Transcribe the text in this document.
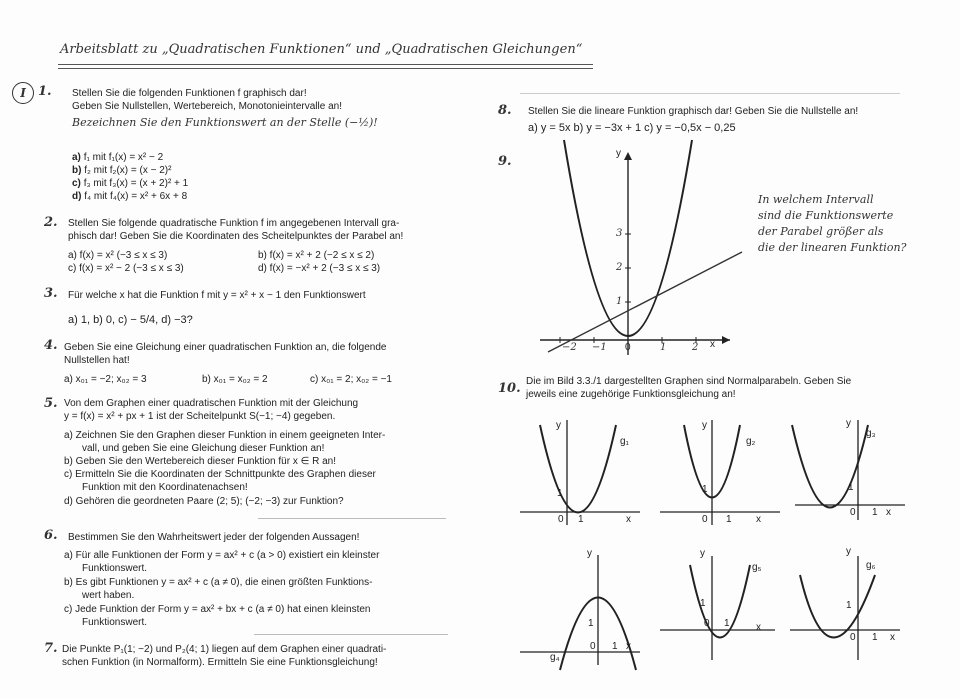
Arbeitsblatt zu „Quadratischen Funktionen“ und „Quadratischen Gleichungen“
I 1. Stellen Sie die folgenden Funktionen f graphisch dar!
Geben Sie Nullstellen, Wertebereich, Monotonieintervalle an!
Bezeichnen Sie den Funktionswert an der Stelle (−½)!
a) f₁ mit f₁(x) = x² − 2
b) f₂ mit f₂(x) = (x − 2)²
c) f₃ mit f₃(x) = (x + 2)² + 1
d) f₄ mit f₄(x) = x² + 6x + 8
2. Stellen Sie folgende quadratische Funktion f im angegebenen Intervall gra-
phisch dar! Geben Sie die Koordinaten des Scheitelpunktes der Parabel an!
a) f(x) = x² (−3 ≤ x ≤ 3)	b) f(x) = x² + 2 (−2 ≤ x ≤ 2)
c) f(x) = x² − 2 (−3 ≤ x ≤ 3)	d) f(x) = −x² + 2 (−3 ≤ x ≤ 3)
3. Für welche x hat die Funktion f mit y = x² + x − 1 den Funktionswert
a) 1, b) 0, c) − 5/4, d) −3?
4. Geben Sie eine Gleichung einer quadratischen Funktion an, die folgende
Nullstellen hat!
a) x₀₁ = −2; x₀₂ = 3	b) x₀₁ = x₀₂ = 2	c) x₀₁ = 2; x₀₂ = −1
5. Von dem Graphen einer quadratischen Funktion mit der Gleichung
y = f(x) = x² + px + 1 ist der Scheitelpunkt S(−1; −4) gegeben.
a) Zeichnen Sie den Graphen dieser Funktion in einem geeigneten Inter-
vall, und geben Sie eine Gleichung dieser Funktion an!
b) Geben Sie den Wertebereich dieser Funktion für x ∈ R an!
c) Ermitteln Sie die Koordinaten der Schnittpunkte des Graphen dieser
Funktion mit den Koordinatenachsen!
d) Gehören die geordneten Paare (2; 5); (−2; −3) zur Funktion?
6. Bestimmen Sie den Wahrheitswert jeder der folgenden Aussagen!
a) Für alle Funktionen der Form y = ax² + c (a > 0) existiert ein kleinster
Funktionswert.
b) Es gibt Funktionen y = ax² + c (a ≠ 0), die einen größten Funktions-
wert haben.
c) Jede Funktion der Form y = ax² + bx + c (a ≠ 0) hat einen kleinsten
Funktionswert.
7. Die Punkte P₁(1; −2) und P₂(4; 1) liegen auf dem Graphen einer quadrati-
schen Funktion (in Normalform). Ermitteln Sie eine Funktionsgleichung!
8. Stellen Sie die lineare Funktion graphisch dar! Geben Sie die Nullstelle an!
a) y = 5x b) y = −3x + 1 c) y = −0,5x − 0,25
9.
y
x
−2 −1 0	1	2
1
2
3
In welchem Intervall
sind die Funktionswerte
der Parabel größer als
die der linearen Funktion?
10. Die im Bild 3.3./1 dargestellten Graphen sind Normalparabeln. Geben Sie
jeweils eine zugehörige Funktionsgleichung an!
y
g₁
1
0 1	x
y
g₂
1
0 1 x
y
g₃
1
0 1 x
y
g₄
1
0 1 x
y
g₅
1
0 1	x
y
g₆
1
0 1 x
